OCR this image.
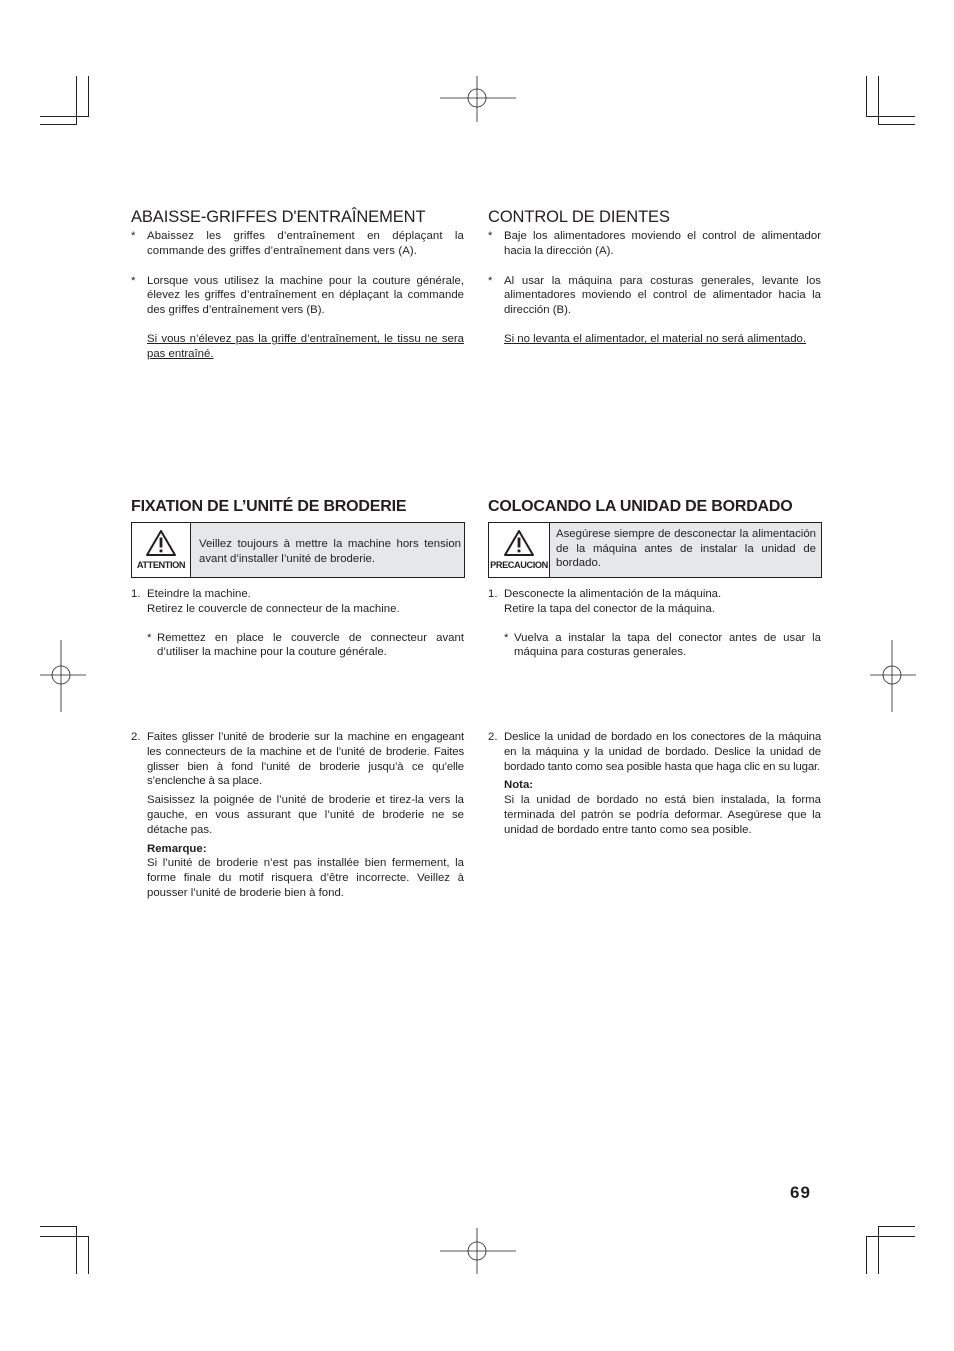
ABAISSE-GRIFFES D'ENTRAÎNEMENT
* Abaissez les griffes d’entraînement en déplaçant la commande des griffes d’entraînement dans vers (A).
* Lorsque vous utilisez la machine pour la couture générale, élevez les griffes d’entraînement en déplaçant la commande des griffes d’entraînement vers (B).
Si vous n’élevez pas la griffe d’entraînement, le tissu ne sera pas entraîné.
CONTROL DE DIENTES
* Baje los alimentadores moviendo el control de alimentador hacia la dirección (A).
* Al usar la máquina para costuras generales, levante los alimentadores moviendo el control de alimentador hacia la dirección (B).
Si no levanta el alimentador, el material no será alimentado.
FIXATION DE L’UNITÉ DE BRODERIE
ATTENTION
Veillez toujours à mettre la machine hors tension avant d’installer l’unité de broderie.
1. Eteindre la machine.
Retirez le couvercle de connecteur de la machine.
* Remettez en place le couvercle de connecteur avant d’utiliser la machine pour la couture générale.
2. Faites glisser l’unité de broderie sur la machine en engageant les connecteurs de la machine et de l’unité de broderie. Faites glisser bien à fond l’unité de broderie jusqu’à ce qu’elle s’enclenche à sa place.
Saisissez la poignée de l’unité de broderie et tirez-la vers la gauche, en vous assurant que l’unité de broderie ne se détache pas.
Remarque:
Si l’unité de broderie n’est pas installée bien fermement, la forme finale du motif risquera d’être incorrecte. Veillez à pousser l’unité de broderie bien à fond.
COLOCANDO LA UNIDAD DE BORDADO
PRECAUCION
Asegúrese siempre de desconectar la alimentación de la máquina antes de instalar la unidad de bordado.
1. Desconecte la alimentación de la máquina.
Retire la tapa del conector de la máquina.
* Vuelva a instalar la tapa del conector antes de usar la máquina para costuras generales.
2. Deslice la unidad de bordado en los conectores de la máquina en la máquina y la unidad de bordado. Deslice la unidad de bordado tanto como sea posible hasta que haga clic en su lugar.
Nota:
Si la unidad de bordado no está bien instalada, la forma terminada del patrón se podría deformar. Asegúrese que la unidad de bordado entre tanto como sea posible.
69
